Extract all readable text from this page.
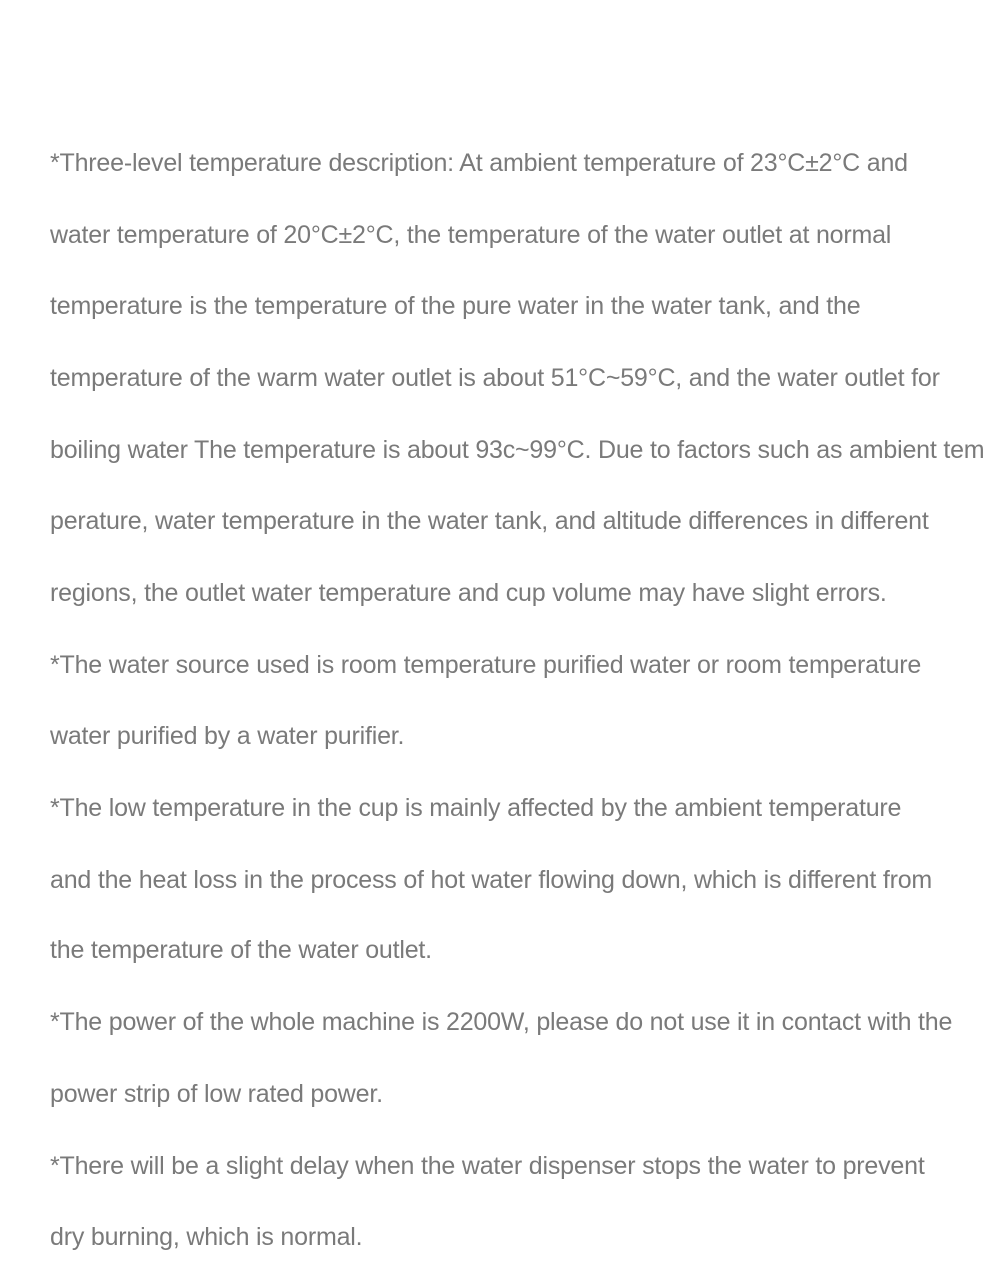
*Three-level temperature description: At ambient temperature of 23°C±2°C and
water temperature of 20°C±2°C, the temperature of the water outlet at normal
temperature is the temperature of the pure water in the water tank, and the
temperature of the warm water outlet is about 51°C~59°C, and the water outlet for
boiling water The temperature is about 93c~99°C. Due to factors such as ambient tem
perature, water temperature in the water tank, and altitude differences in different
regions, the outlet water temperature and cup volume may have slight errors.
*The water source used is room temperature purified water or room temperature
water purified by a water purifier.
*The low temperature in the cup is mainly affected by the ambient temperature
and the heat loss in the process of hot water flowing down, which is different from
the temperature of the water outlet.
*The power of the whole machine is 2200W, please do not use it in contact with the
power strip of low rated power.
*There will be a slight delay when the water dispenser stops the water to prevent
dry burning, which is normal.
